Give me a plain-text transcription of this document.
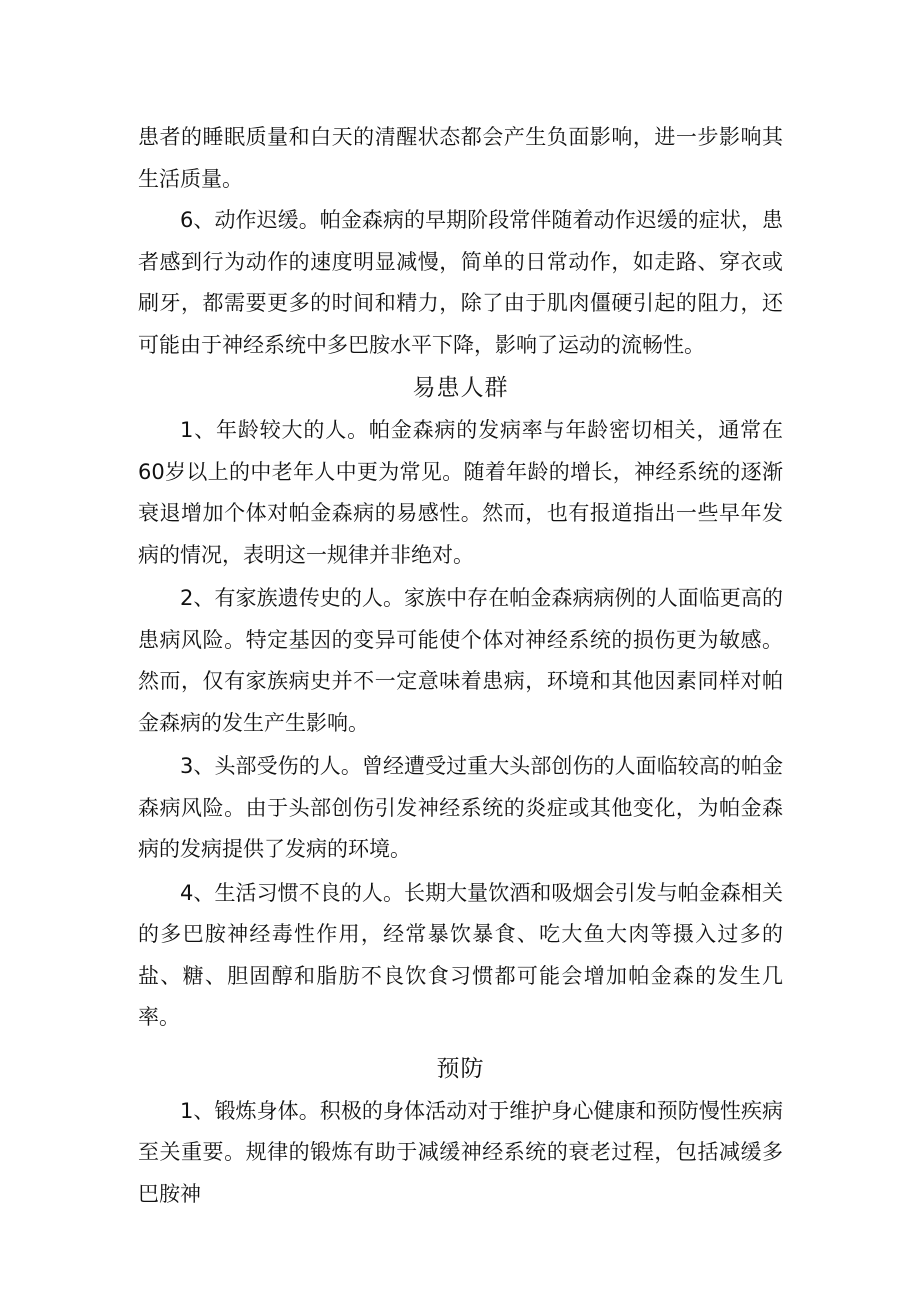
患者的睡眠质量和白天的清醒状态都会产生负面影响，进一步影响其生活质量。

6、动作迟缓。帕金森病的早期阶段常伴随着动作迟缓的症状，患者感到行为动作的速度明显减慢，简单的日常动作，如走路、穿衣或刷牙，都需要更多的时间和精力，除了由于肌肉僵硬引起的阻力，还可能由于神经系统中多巴胺水平下降，影响了运动的流畅性。

易患人群

1、年龄较大的人。帕金森病的发病率与年龄密切相关，通常在60岁以上的中老年人中更为常见。随着年龄的增长，神经系统的逐渐衰退增加个体对帕金森病的易感性。然而，也有报道指出一些早年发病的情况，表明这一规律并非绝对。

2、有家族遗传史的人。家族中存在帕金森病病例的人面临更高的患病风险。特定基因的变异可能使个体对神经系统的损伤更为敏感。然而，仅有家族病史并不一定意味着患病，环境和其他因素同样对帕金森病的发生产生影响。

3、头部受伤的人。曾经遭受过重大头部创伤的人面临较高的帕金森病风险。由于头部创伤引发神经系统的炎症或其他变化，为帕金森病的发病提供了发病的环境。

4、生活习惯不良的人。长期大量饮酒和吸烟会引发与帕金森相关的多巴胺神经毒性作用，经常暴饮暴食、吃大鱼大肉等摄入过多的盐、糖、胆固醇和脂肪不良饮食习惯都可能会增加帕金森的发生几率。

预防

1、锻炼身体。积极的身体活动对于维护身心健康和预防慢性疾病至关重要。规律的锻炼有助于减缓神经系统的衰老过程，包括减缓多巴胺神
